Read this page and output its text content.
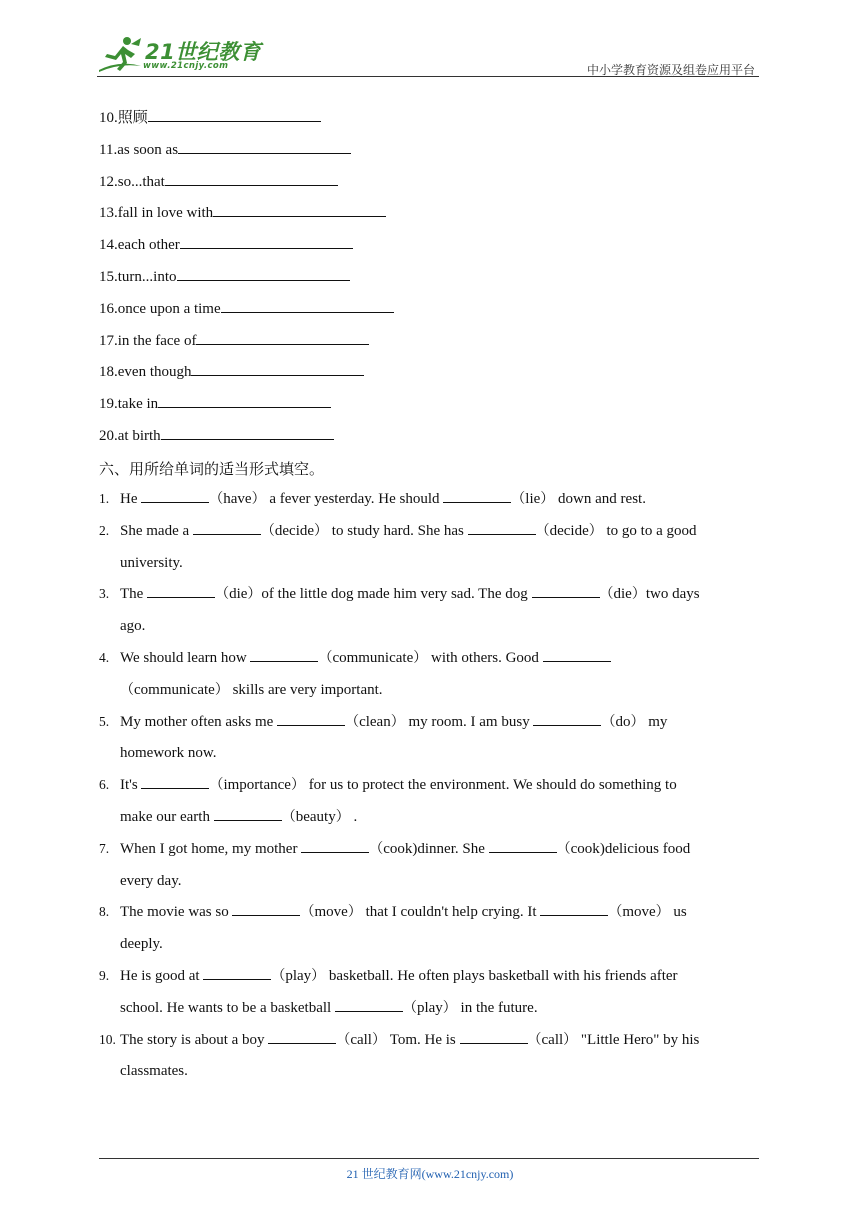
21世纪教育
www.21cnjy.com	中小学教育资源及组卷应用平台
10.照顾
11.as soon as
12.so...that
13.fall in love with
14.each other
15.turn...into
16.once upon a time
17.in the face of
18.even though
19.take in
20.at birth
六、用所给单词的适当形式填空。
1. He	（have） a fever yesterday. He should	（lie） down and rest.
2. She made a	（decide） to study hard. She has	（decide） to go to a good
university.
3. The	（die）of the little dog made him very sad. The dog	（die）two days
ago.
4. We should learn how	（communicate） with others. Good
（communicate） skills are very important.
5. My mother often asks me	（clean） my room. I am busy	（do） my
homework now.
6. It's	（importance） for us to protect the environment. We should do something to
make our earth	（beauty） .
7. When I got home, my mother	（cook)dinner. She	（cook)delicious food
every day.
8. The movie was so	（move） that I couldn't help crying. It	（move） us
deeply.
9. He is good at	（play） basketball. He often plays basketball with his friends after
school. He wants to be a basketball	（play） in the future.
10. The story is about a boy	（call） Tom. He is	（call） "Little Hero" by his
classmates.
21 世纪教育网(www.21cnjy.com)
